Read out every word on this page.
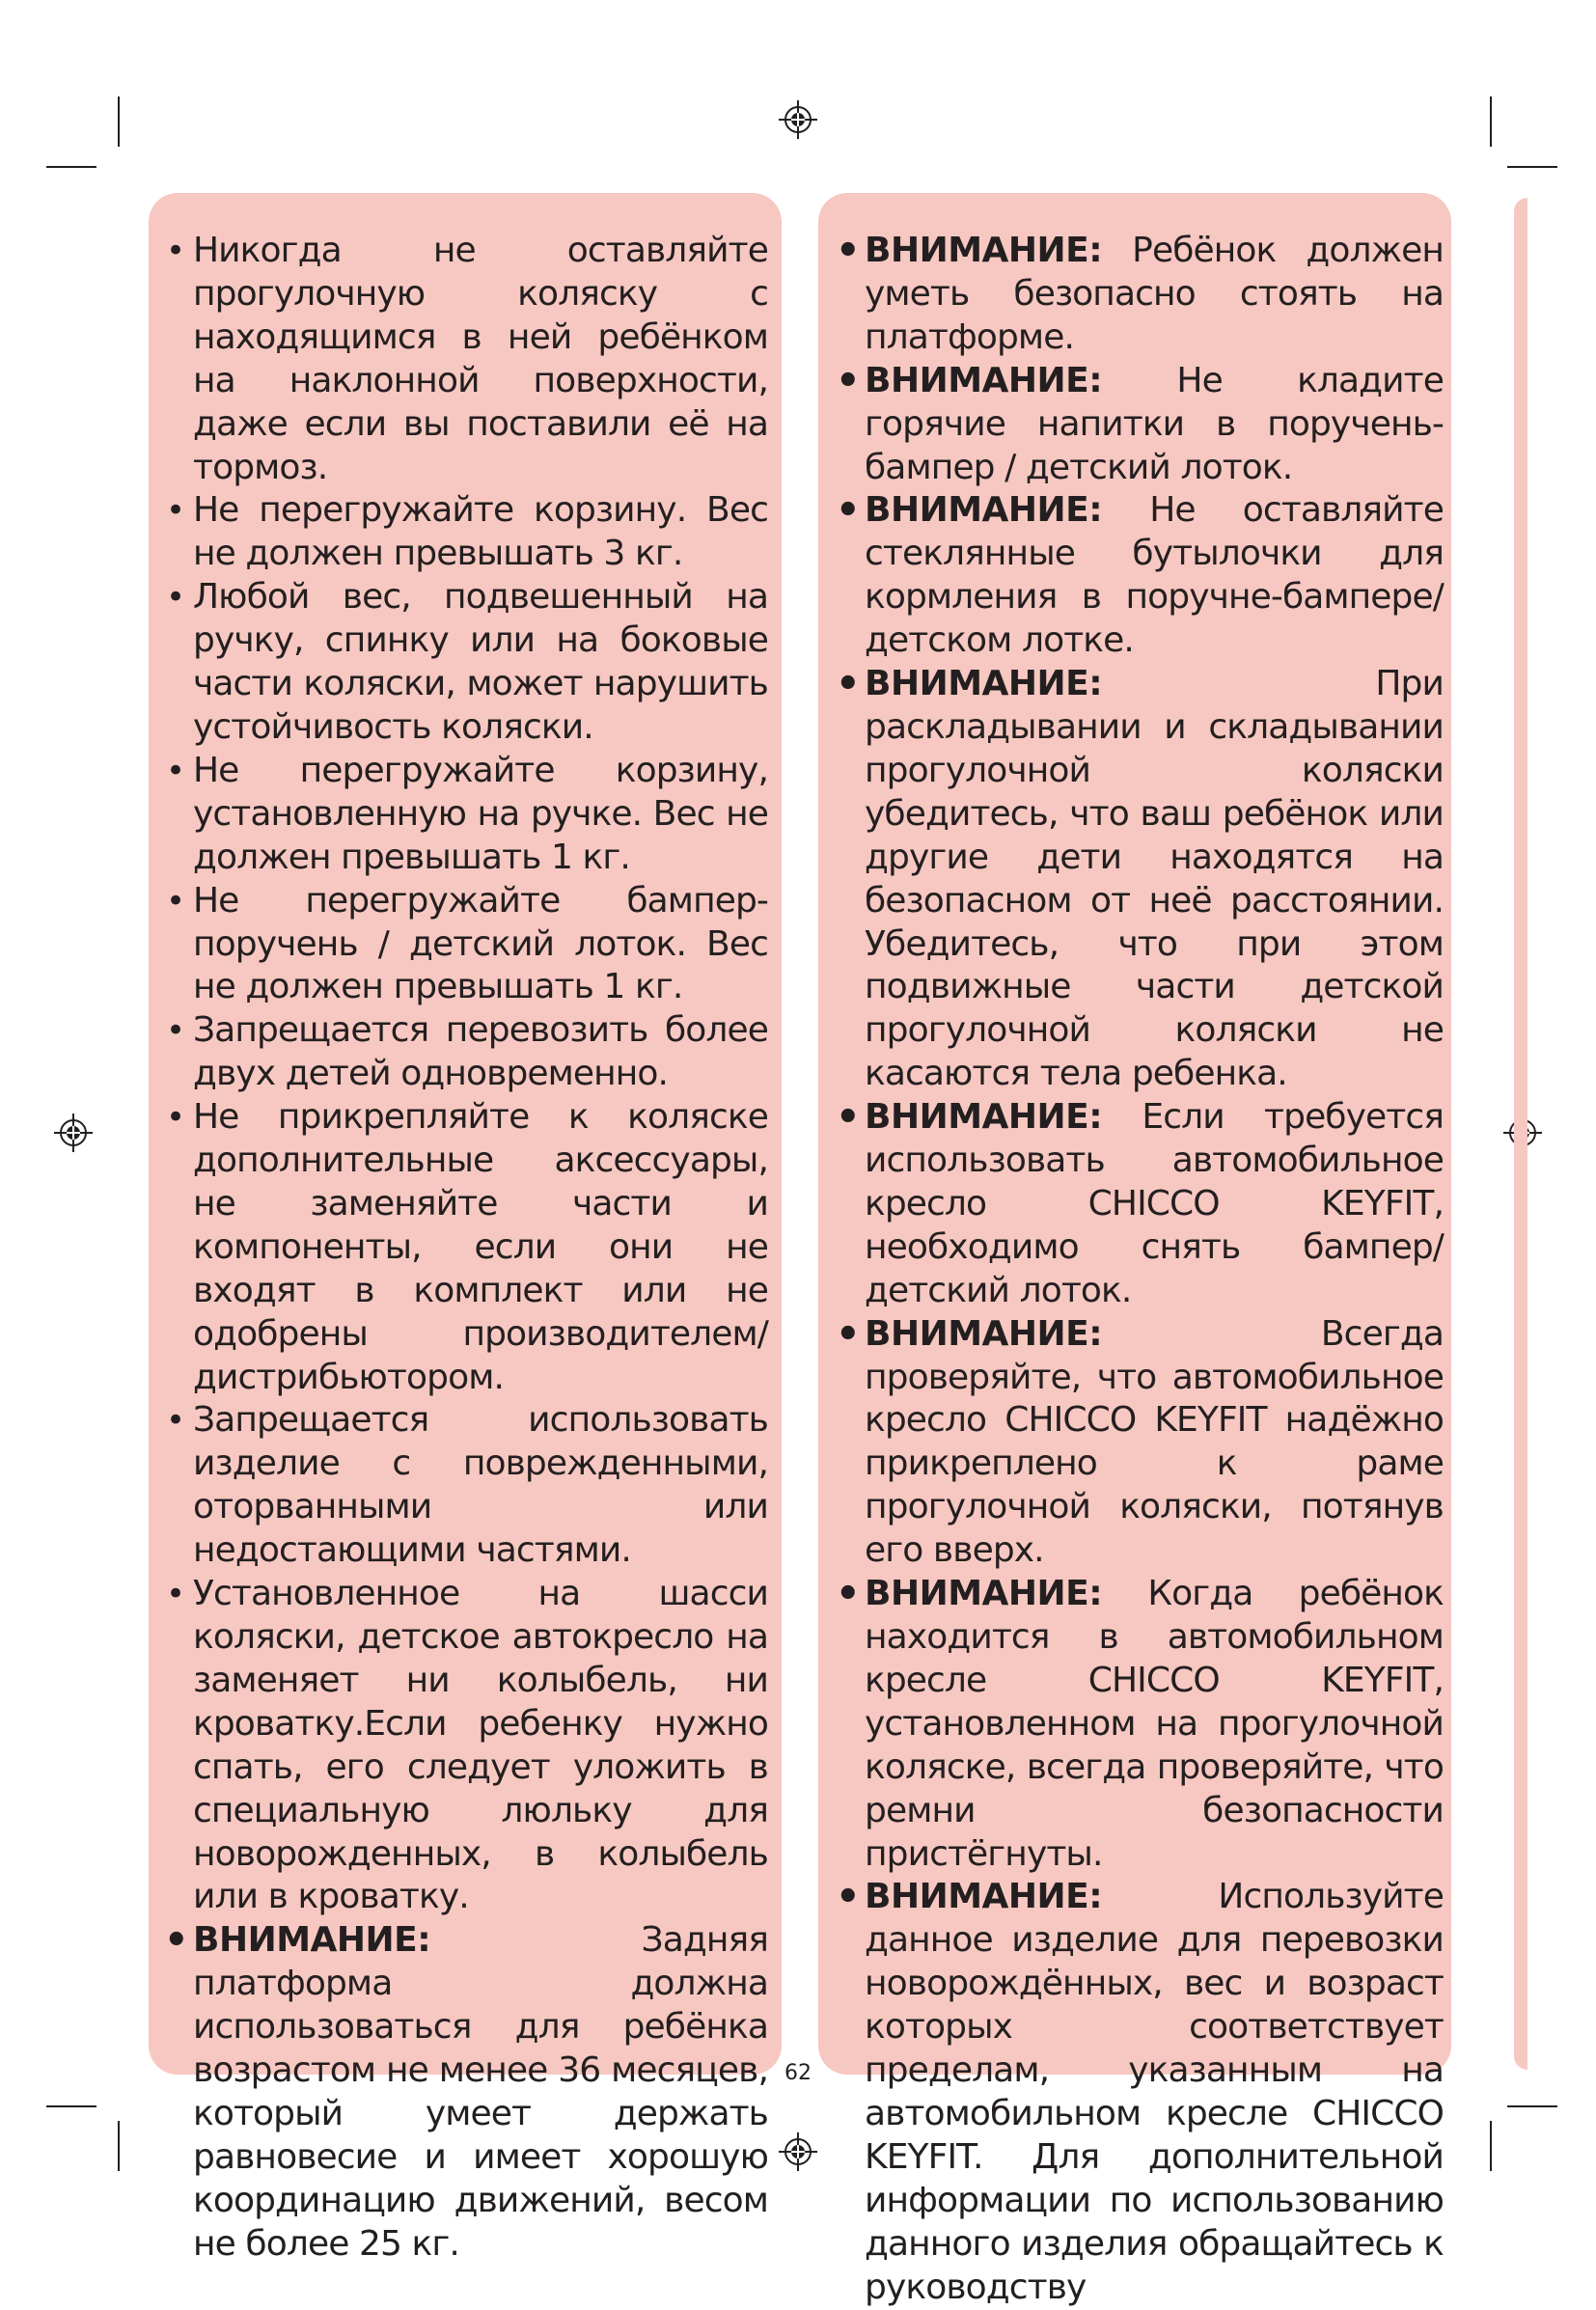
• Никогда не оставляйте прогулочную коляску с находящимся в ней ребёнком на наклонной поверхности, даже если вы поставили её на тормоз.
• Не перегружайте корзину. Вес не должен превышать 3 кг.
• Любой вес, подвешенный на ручку, спинку или на боковые части коляски, может нарушить устойчивость коляски.
• Не перегружайте корзину, установленную на ручке. Вес не должен превышать 1 кг.
• Не перегружайте бампер-поручень / детский лоток. Вес не должен превышать 1 кг.
• Запрещается перевозить более двух детей одновременно.
• Не прикрепляйте к коляске дополнительные аксессуары, не заменяйте части и компоненты, если они не входят в комплект или не одобрены производителем/ дистрибьютором.
• Запрещается использовать изделие с поврежденными, оторванными или недостающими частями.
• Установленное на шасси коляски, детское автокресло на заменяет ни колыбель, ни кроватку.Если ребенку нужно спать, его следует уложить в специальную люльку для новорожденных, в колыбель или в кроватку.
• ВНИМАНИЕ: Задняя платформа должна использоваться для ребёнка возрастом не менее 36 месяцев, который умеет держать равновесие и имеет хорошую координацию движений, весом не более 25 кг.
• ВНИМАНИЕ: Ребёнок должен уметь безопасно стоять на платформе.
• ВНИМАНИЕ: Не кладите горячие напитки в поручень-бампер / детский лоток.
• ВНИМАНИЕ: Не оставляйте стеклянные бутылочки для кормления в поручне-бампере/ детском лотке.
• ВНИМАНИЕ: При раскладывании и складывании прогулочной коляски убедитесь, что ваш ребёнок или другие дети находятся на безопасном от неё расстоянии. Убедитесь, что при этом подвижные части детской прогулочной коляски не касаются тела ребенка.
• ВНИМАНИЕ: Если требуется использовать автомобильное кресло CHICCO KEYFIT, необходимо снять бампер/детский лоток.
• ВНИМАНИЕ: Всегда проверяйте, что автомобильное кресло CHICCO KEYFIT надёжно прикреплено к раме прогулочной коляски, потянув его вверх.
• ВНИМАНИЕ: Когда ребёнок находится в автомобильном кресле CHICCO KEYFIT, установленном на прогулочной коляске, всегда проверяйте, что ремни безопасности пристёгнуты.
• ВНИМАНИЕ: Используйте данное изделие для перевозки новорождённых, вес и возраст которых соответствует пределам, указанным на автомобильном кресле CHICCO KEYFIT. Для дополнительной информации по использованию данного изделия обращайтесь к руководству
62
